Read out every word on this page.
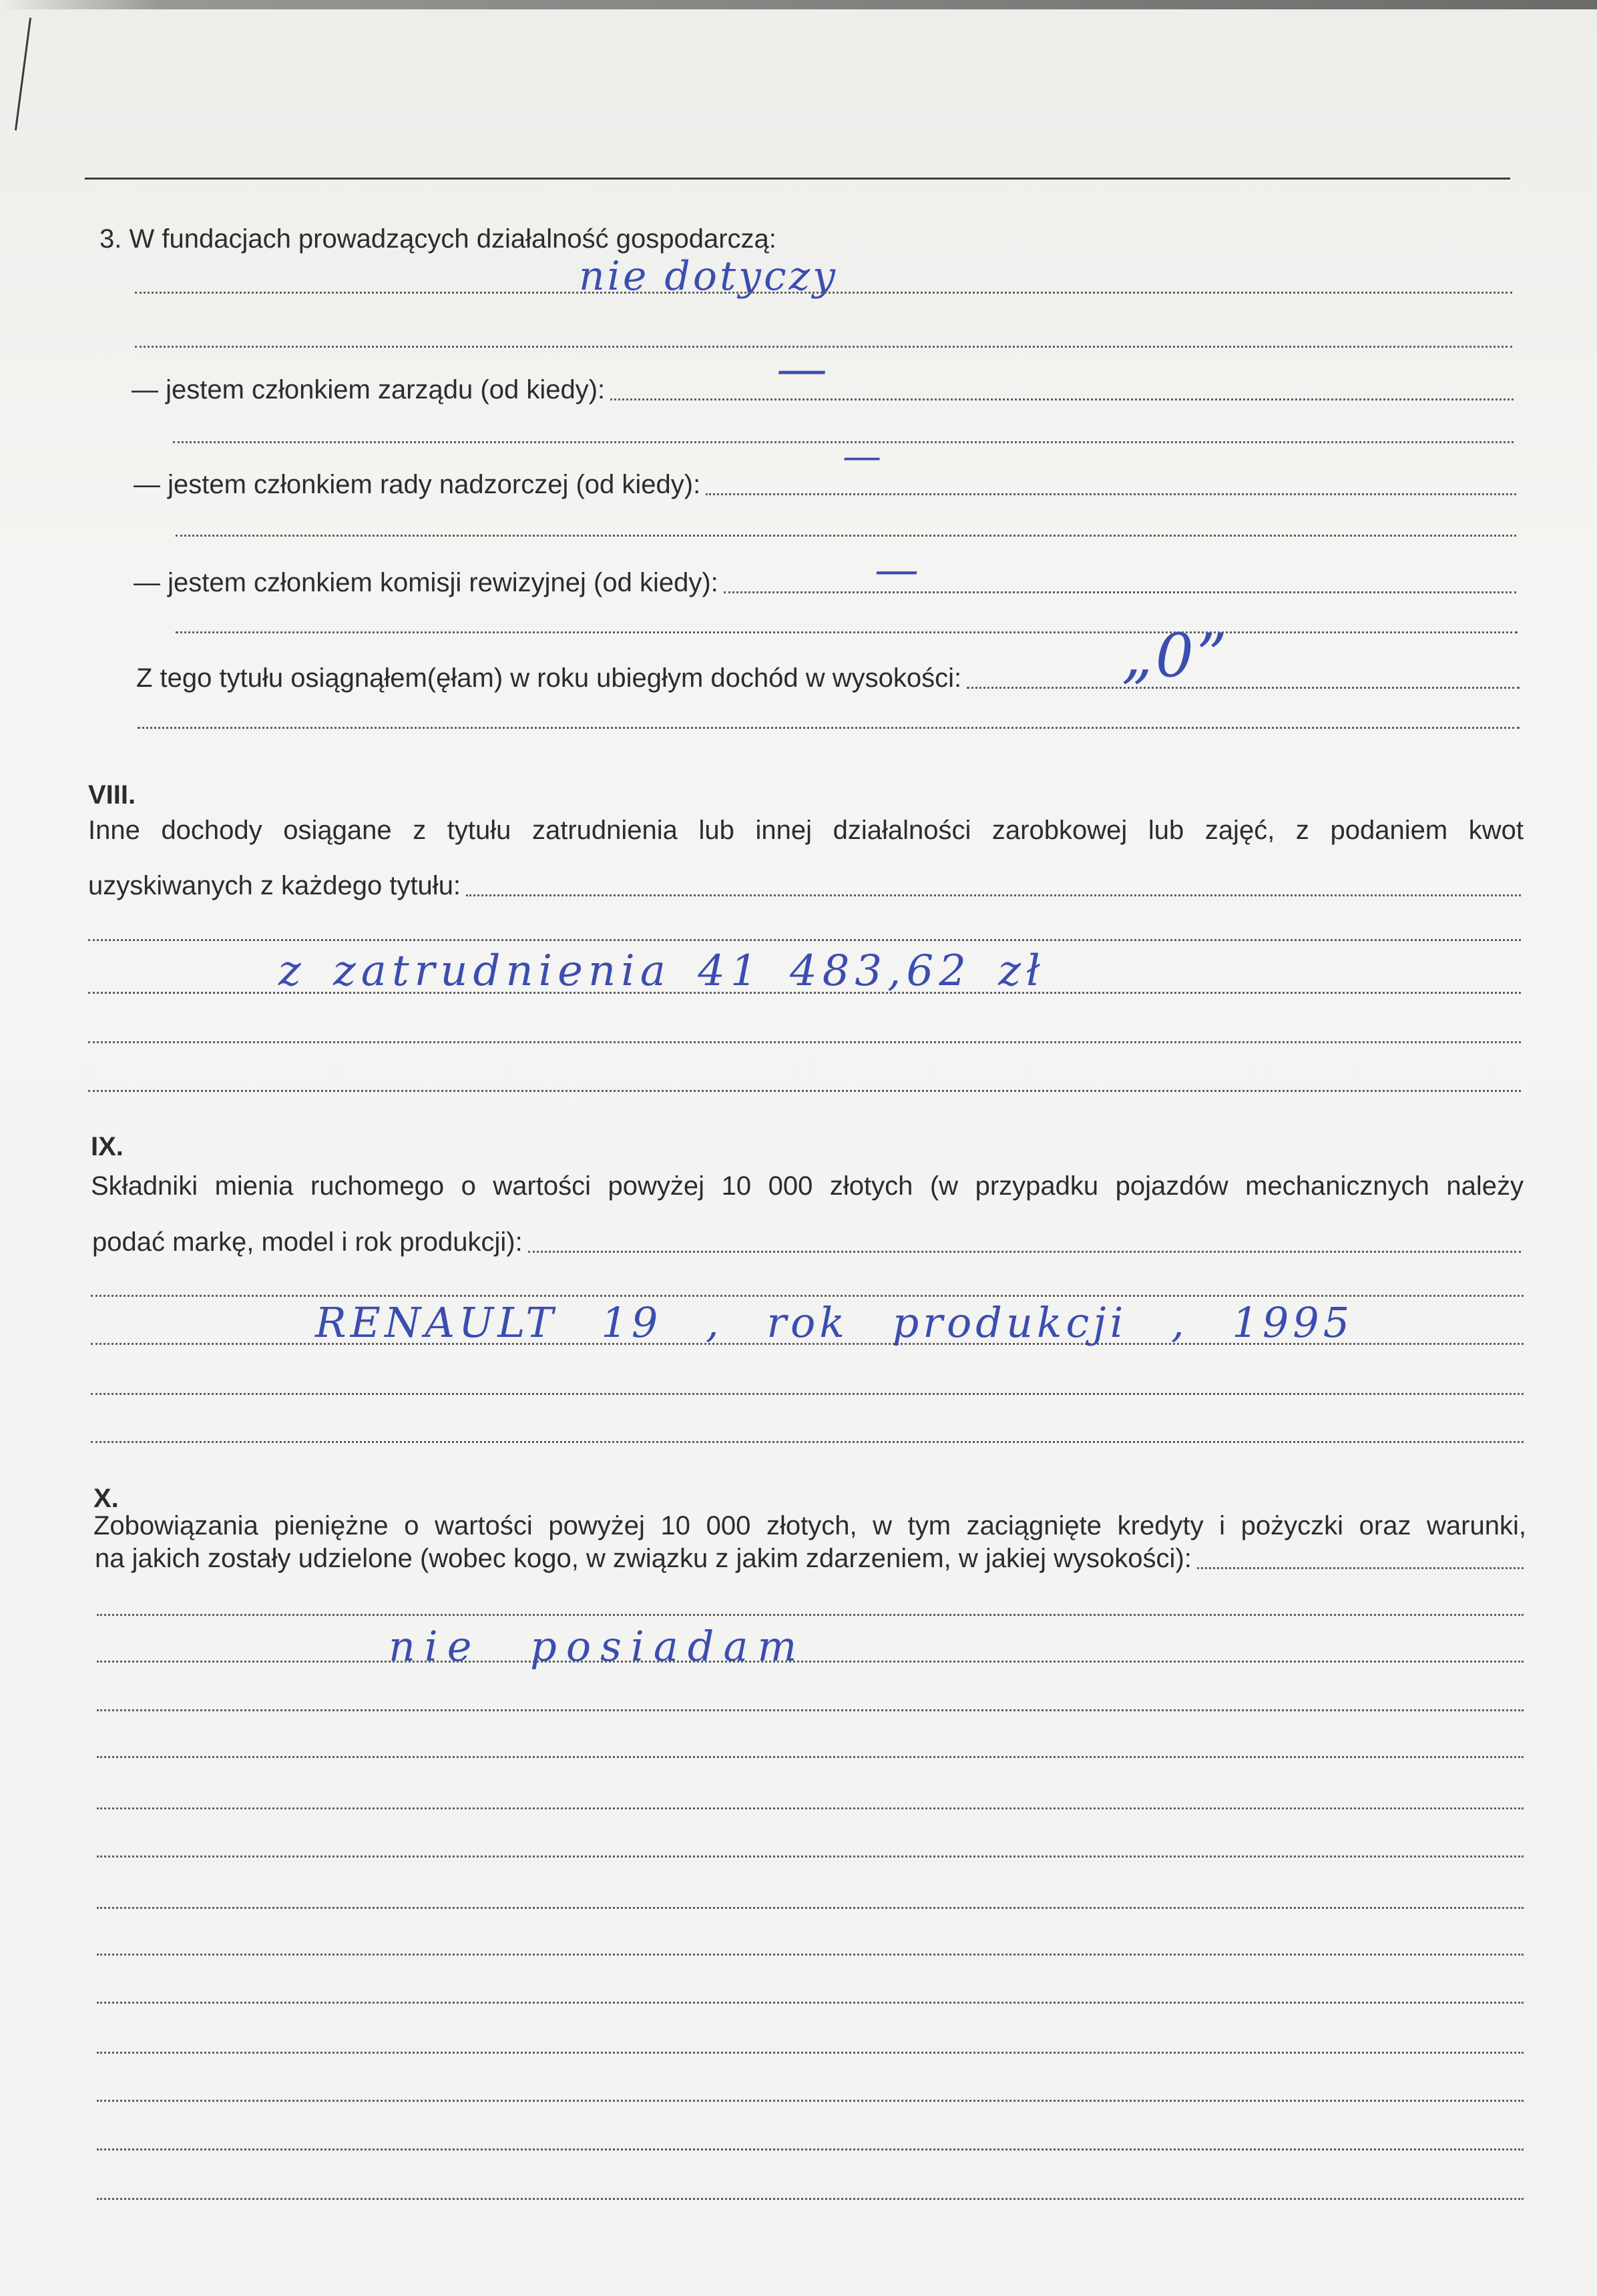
3. W fundacjach prowadzących działalność gospodarczą:
nie dotyczy
— jestem członkiem zarządu (od kiedy):	—
— jestem członkiem rady nadzorczej (od kiedy):
—
— jestem członkiem komisji rewizyjnej (od kiedy):	—
Z tego tytułu osiągnąłem(ęłam) w roku ubiegłym dochód w wysokości:	„0”
VIII.
Inne dochody osiągane z tytułu zatrudnienia lub innej działalności zarobkowej lub zajęć, z podaniem kwot
uzyskiwanych z każdego tytułu:
z zatrudnienia 41 483,62 zł
IX.
Składniki mienia ruchomego o wartości powyżej 10 000 złotych (w przypadku pojazdów mechanicznych należy
podać markę, model i rok produkcji):
RENAULT 19 , rok produkcji , 1995
X.
Zobowiązania pieniężne o wartości powyżej 10 000 złotych, w tym zaciągnięte kredyty i pożyczki oraz warunki,
na jakich zostały udzielone (wobec kogo, w związku z jakim zdarzeniem, w jakiej wysokości):
nie posiadam
